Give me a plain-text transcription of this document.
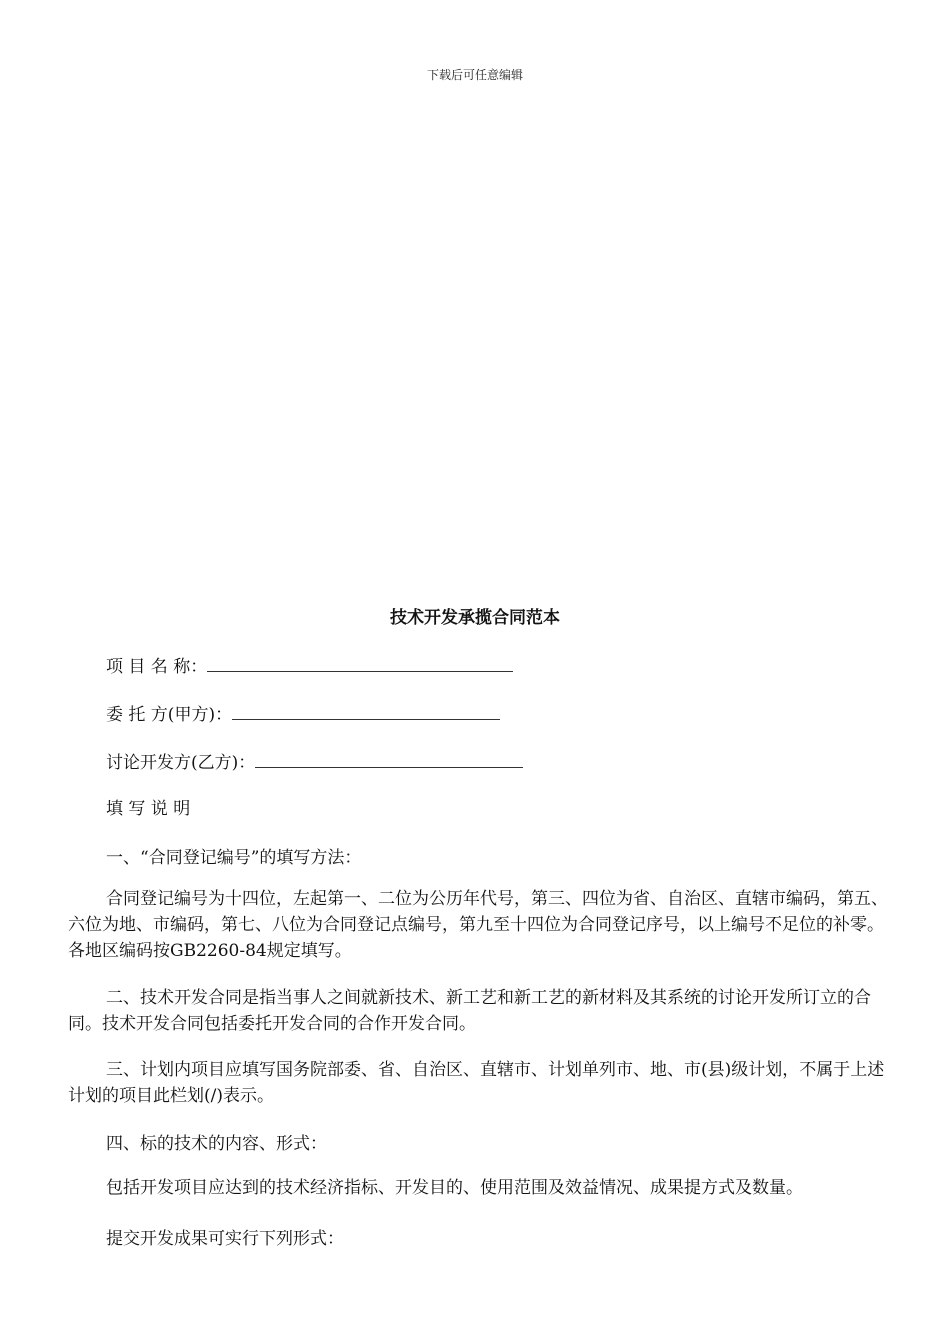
下载后可任意编辑
技术开发承揽合同范本
项 目 名 称：
委 托 方(甲方)：
讨论开发方(乙方)：
填 写 说 明
一、“合同登记编号”的填写方法：
合同登记编号为十四位，左起第一、二位为公历年代号，第三、四位为省、自治区、直辖市编码，第五、六位为地、市编码，第七、八位为合同登记点编号，第九至十四位为合同登记序号，以上编号不足位的补零。各地区编码按GB2260-84规定填写。
二、技术开发合同是指当事人之间就新技术、新工艺和新工艺的新材料及其系统的讨论开发所订立的合同。技术开发合同包括委托开发合同的合作开发合同。
三、计划内项目应填写国务院部委、省、自治区、直辖市、计划单列市、地、市(县)级计划，不属于上述计划的项目此栏划(/)表示。
四、标的技术的内容、形式：
包括开发项目应达到的技术经济指标、开发目的、使用范围及效益情况、成果提方式及数量。
提交开发成果可实行下列形式：
